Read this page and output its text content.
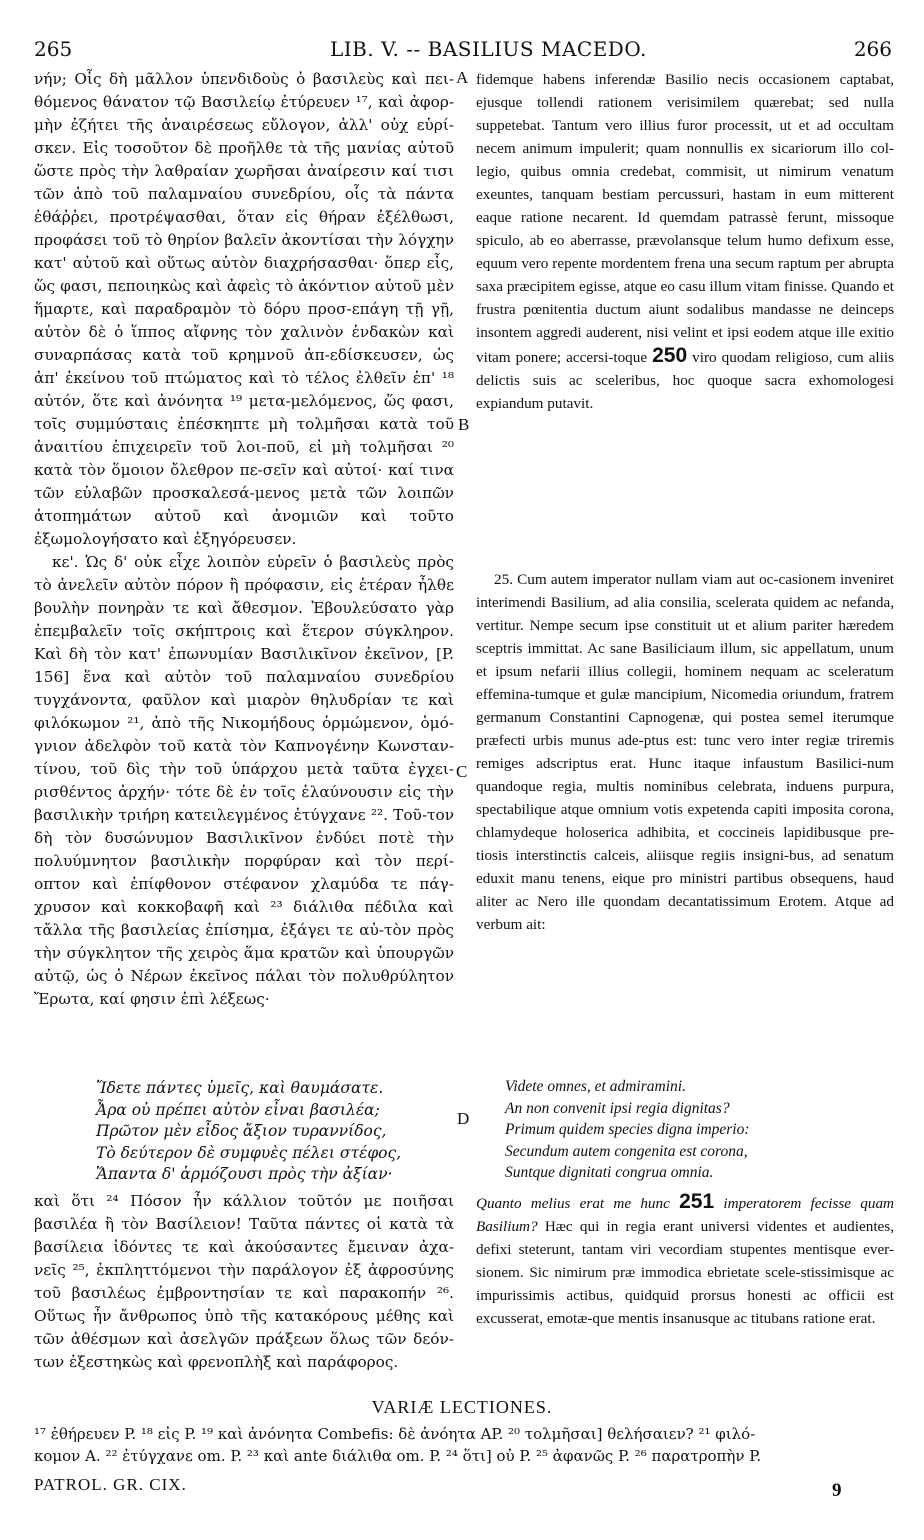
265	LIB. V. -- BASILIUS MACEDO.	266
A
B
C
D

νήν; Οἷς δὴ μᾶλλον ὑπενδιδοὺς ὁ βασιλεὺς καὶ πει-θόμενος θάνατον τῷ Βασιλείῳ ἐτύρευεν ¹⁷, καὶ ἀφορ-μὴν ἐζήτει τῆς ἀναιρέσεως εὔλογον, ἀλλ' οὐχ εὑρί-σκεν. Εἰς τοσοῦτον δὲ προῆλθε τὰ τῆς μανίας αὐτοῦ ὥστε πρὸς τὴν λαθραίαν χωρῆσαι ἀναίρεσιν καί τισι τῶν ἀπὸ τοῦ παλαμναίου συνεδρίου, οἷς τὰ πάντα ἐθάῤῥει, προτρέψασθαι, ὅταν εἰς θήραν ἐξέλθωσι, προφάσει τοῦ τὸ θηρίον βαλεῖν ἀκοντίσαι τὴν λόγχην κατ' αὐτοῦ καὶ οὕτως αὐτὸν διαχρήσασθαι· ὅπερ εἷς, ὥς φασι, πεποιηκὼς καὶ ἀφεὶς τὸ ἀκόντιον αὐτοῦ μὲν ἥμαρτε, καὶ παραδραμὸν τὸ δόρυ προσ-επάγη τῇ γῇ, αὐτὸν δὲ ὁ ἵππος αἴφνης τὸν χαλινὸν ἐνδακὼν καὶ συναρπάσας κατὰ τοῦ κρημνοῦ ἀπ-εδίσκευσεν, ὡς ἀπ' ἐκείνου τοῦ πτώματος καὶ τὸ τέλος ἐλθεῖν ἐπ' ¹⁸ αὐτόν, ὅτε καὶ ἀνόνητα ¹⁹ μετα-μελόμενος, ὥς φασι, τοῖς συμμύσταις ἐπέσκηπτε μὴ τολμῆσαι κατὰ τοῦ ἀναιτίου ἐπιχειρεῖν τοῦ λοι-ποῦ, εἰ μὴ τολμῆσαι ²⁰ κατὰ τὸν ὅμοιον ὄλεθρον πε-σεῖν καὶ αὐτοί· καί τινα τῶν εὐλαβῶν προσκαλεσά-μενος μετὰ τῶν λοιπῶν ἀτοπημάτων αὐτοῦ καὶ ἀνομιῶν καὶ τοῦτο ἐξωμολογήσατο καὶ ἐξηγόρευσεν.

κε'. Ὡς δ' οὐκ εἶχε λοιπὸν εὑρεῖν ὁ βασιλεὺς πρὸς τὸ ἀνελεῖν αὐτὸν πόρον ἢ πρόφασιν, εἰς ἑτέραν ἦλθε βουλὴν πονηρὰν τε καὶ ἄθεσμον. Ἐβουλεύσατο γὰρ ἐπεμβαλεῖν τοῖς σκήπτροις καὶ ἕτερον σύγκληρον. Καὶ δὴ τὸν κατ' ἐπωνυμίαν Βασιλικῖνον ἐκεῖνον, [P. 156] ἕνα καὶ αὐτὸν τοῦ παλαμναίου συνεδρίου τυγχάνοντα, φαῦλον καὶ μιαρὸν θηλυδρίαν τε καὶ φιλόκωμον ²¹, ἀπὸ τῆς Νικομήδους ὁρμώμενον, ὁμό-γνιον ἀδελφὸν τοῦ κατὰ τὸν Καπνογένην Κωνσταν-τίνου, τοῦ δὶς τὴν τοῦ ὑπάρχου μετὰ ταῦτα ἐγχει-ρισθέντος ἀρχήν· τότε δὲ ἐν τοῖς ἐλαύνουσιν εἰς τὴν βασιλικὴν τριήρη κατειλεγμένος ἐτύγχανε ²². Τοῦ-τον δὴ τὸν δυσώνυμον Βασιλικῖνον ἐνδύει ποτὲ τὴν πολυύμνητον βασιλικὴν πορφύραν καὶ τὸν περί-οπτον καὶ ἐπίφθονον στέφανον χλαμύδα τε πάγ-χρυσον καὶ κοκκοβαφῆ καὶ ²³ διάλιθα πέδιλα καὶ τἄλλα τῆς βασιλείας ἐπίσημα, ἐξάγει τε αὐ-τὸν πρὸς τὴν σύγκλητον τῆς χειρὸς ἅμα κρατῶν καὶ ὑπουργῶν αὐτῷ, ὡς ὁ Νέρων ἐκεῖνος πάλαι τὸν πολυθρύλητον Ἔρωτα, καί φησιν ἐπὶ λέξεως·

Ἴδετε πάντες ὑμεῖς, καὶ θαυμάσατε.
Ἆρα οὐ πρέπει αὐτὸν εἶναι βασιλέα;
Πρῶτον μὲν εἶδος ἄξιον τυραννίδος,
Τὸ δεύτερον δὲ συμφυὲς πέλει στέφος,
Ἅπαντα δ' ἁρμόζουσι πρὸς τὴν ἀξίαν·

καὶ ὅτι ²⁴ Πόσον ἦν κάλλιον τοῦτόν με ποιῆσαι βασιλέα ἢ τὸν Βασίλειον! Ταῦτα πάντες οἱ κατὰ τὰ βασίλεια ἰδόντες τε καὶ ἀκούσαντες ἔμειναν ἀχα-νεῖς ²⁵, ἐκπληττόμενοι τὴν παράλογον ἐξ ἀφροσύνης τοῦ βασιλέως ἐμβροντησίαν τε καὶ παρακοπήν ²⁶. Οὕτως ἦν ἄνθρωπος ὑπὸ τῆς κατακόρους μέθης καὶ τῶν ἀθέσμων καὶ ἀσελγῶν πράξεων ὅλως τῶν δεόν-των ἐξεστηκὼς καὶ φρενοπλὴξ καὶ παράφορος.

fidemque habens inferendæ Basilio necis occasionem captabat, ejusque tollendi rationem verisimilem quærebat; sed nulla suppetebat. Tantum vero illius furor processit, ut et ad occultam necem animum impulerit; quam nonnullis ex sicariorum illo col-legio, quibus omnia credebat, commisit, ut nimirum venatum exeuntes, tanquam bestiam percussuri, hastam in eum mitterent eaque ratione necarent. Id quemdam patrassè ferunt, missoque spiculo, ab eo aberrasse, prævolansque telum humo defixum esse, equum vero repente mordentem frena una secum raptum per abrupta saxa præcipitem egisse, atque eo casu illum vitam finisse. Quando et frustra pœnitentia ductum aiunt sodalibus mandasse ne deinceps insontem aggredi auderent, nisi velint et ipsi eodem atque ille exitio vitam ponere; accersi-toque 250 viro quodam religioso, cum aliis delictis suis ac sceleribus, hoc quoque sacra exhomologesi expiandum putavit.

25. Cum autem imperator nullam viam aut oc-casionem inveniret interimendi Basilium, ad alia consilia, scelerata quidem ac nefanda, vertitur. Nempe secum ipse constituit ut et alium pariter hæredem sceptris immittat. Ac sane Basiliciaum illum, sic appellatum, unum et ipsum nefarii illius collegii, hominem nequam ac sceleratum effemina-tumque et gulæ mancipium, Nicomedia oriundum, fratrem germanum Constantini Capnogenæ, qui postea semel iterumque præfecti urbis munus ade-ptus est: tunc vero inter regiæ triremis remiges adscriptus erat. Hunc itaque infaustum Basilici-num quandoque regia, multis nominibus celebrata, induens purpura, spectabilique atque omnium votis expetenda capiti imposita corona, chlamydeque holoserica adhibita, et coccineis lapidibusque pre-tiosis interstinctis calceis, aliisque regiis insigni-bus, ad senatum eduxit manu tenens, eique pro ministri partibus obsequens, haud aliter ac Nero ille quondam decantatissimum Erotem. Atque ad verbum ait:

Videte omnes, et admiramini.
An non convenit ipsi regia dignitas?
Primum quidem species digna imperio:
Secundum autem congenita est corona,
Suntque dignitati congrua omnia.

Quanto melius erat me hunc 251 imperatorem fecisse quam Basilium? Hæc qui in regia erant universi videntes et audientes, defixi steterunt, tantam viri vecordiam stupentes mentisque ever-sionem. Sic nimirum præ immodica ebrietate scele-stissimisque ac impurissimis actibus, quidquid prorsus honesti ac officii est excusserat, emotæ-que mentis insanusque ac titubans ratione erat.

VARIÆ LECTIONES.

¹⁷ ἐθήρευεν P. ¹⁸ εἰς P. ¹⁹ καὶ ἀνόνητα Combefis: δὲ ἀνόητα AP. ²⁰ τολμῆσαι] θελήσαιεν? ²¹ φιλό-

κομον A. ²² ἐτύγχανε om. P. ²³ καὶ ante διάλιθα om. P. ²⁴ ὅτι] οὐ P. ²⁵ ἀφανῶς P. ²⁶ παρατροπὴν P.

PATROL. GR. CIX.	9
